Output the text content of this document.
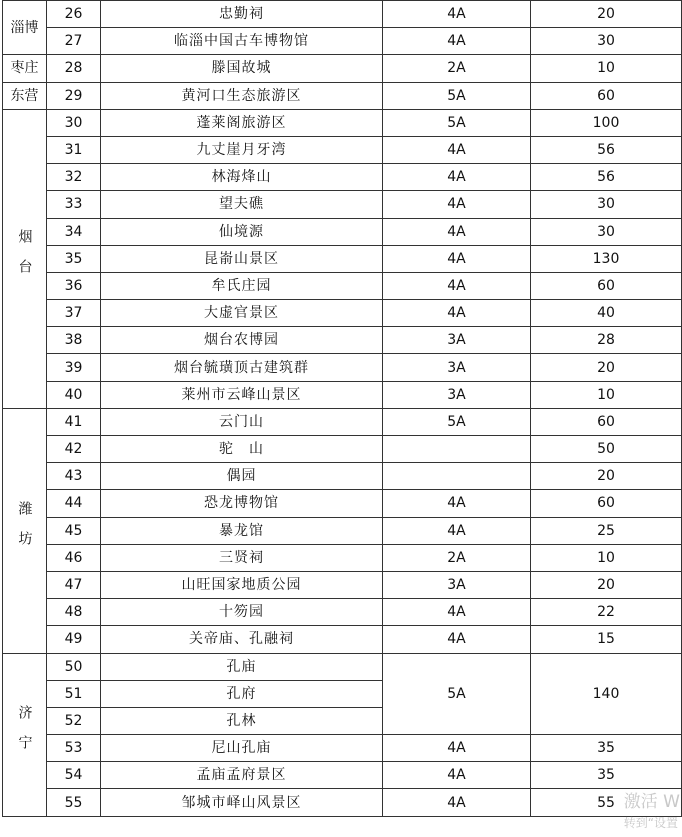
淄博	26	忠勤祠	4A	20
	27	临淄中国古车博物馆	4A	30
枣庄	28	滕国故城	2A	10
东营	29	黄河口生态旅游区	5A	60
烟台	30	蓬莱阁旅游区	5A	100
	31	九丈崖月牙湾	4A	56
	32	林海烽山	4A	56
	33	望夫礁	4A	30
	34	仙境源	4A	30
	35	昆嵛山景区	4A	130
	36	牟氏庄园	4A	60
	37	大虚官景区	4A	40
	38	烟台农博园	3A	28
	39	烟台毓璜顶古建筑群	3A	20
	40	莱州市云峰山景区	3A	10
潍坊	41	云门山	5A	60
	42	驼　山		50
	43	偶园		20
	44	恐龙博物馆	4A	60
	45	暴龙馆	4A	25
	46	三贤祠	2A	10
	47	山旺国家地质公园	3A	20
	48	十笏园	4A	22
	49	关帝庙、孔融祠	4A	15
济宁	50	孔庙	5A	140
	51	孔府		
	52	孔林		
	53	尼山孔庙	4A	35
	54	孟庙孟府景区	4A	35
	55	邹城市峄山风景区	4A	55 激活 W
转到“设置
